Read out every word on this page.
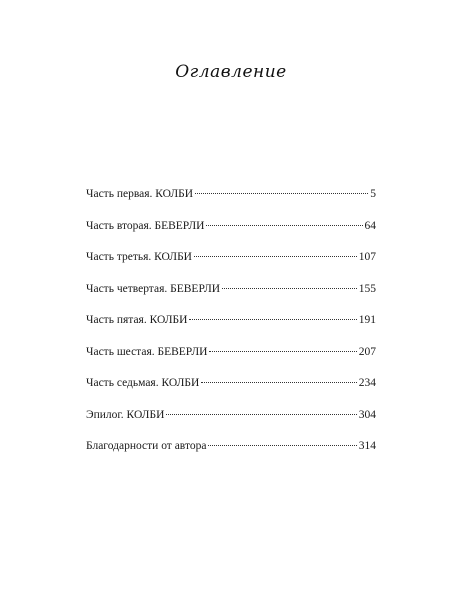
Оглавление
Часть первая. КОЛБИ	5
Часть вторая. БЕВЕРЛИ	64
Часть третья. КОЛБИ	107
Часть четвертая. БЕВЕРЛИ	155
Часть пятая. КОЛБИ	191
Часть шестая. БЕВЕРЛИ	207
Часть седьмая. КОЛБИ	234
Эпилог. КОЛБИ	304
Благодарности от автора	314
